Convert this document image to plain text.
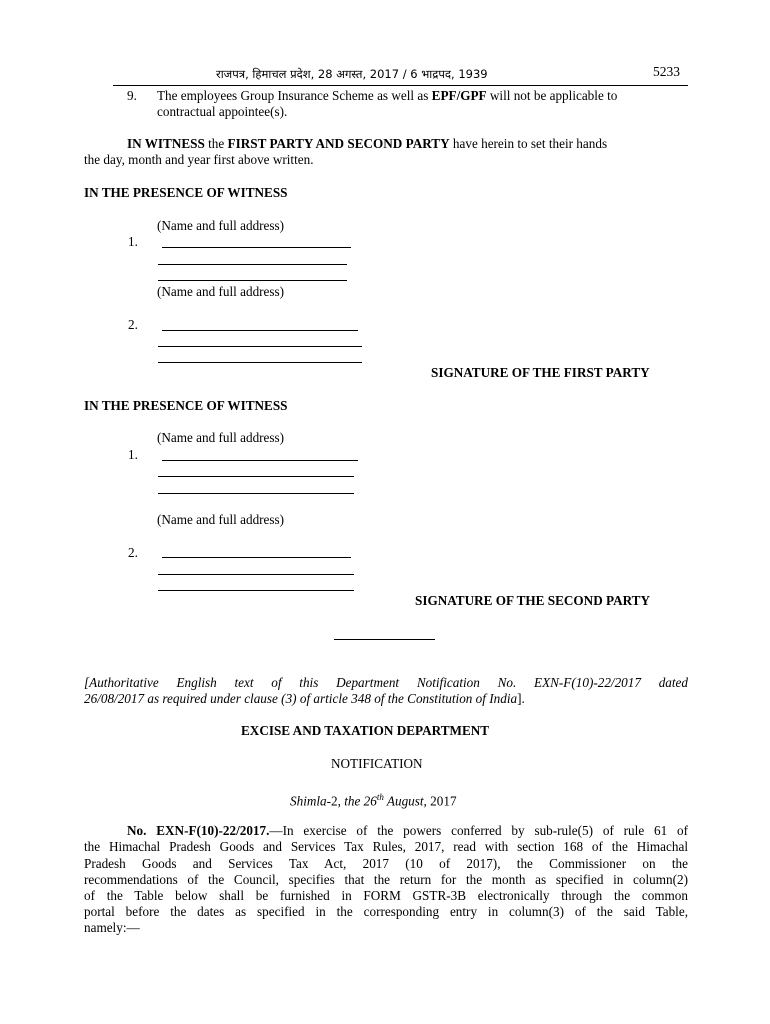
राजपत्र, हिमाचल प्रदेश, 28 अगस्त, 2017 / 6 भाद्रपद, 1939	5233
9. The employees Group Insurance Scheme as well as EPF/GPF will not be applicable to
contractual appointee(s).
IN WITNESS the FIRST PARTY AND SECOND PARTY have herein to set their hands
the day, month and year first above written.
IN THE PRESENCE OF WITNESS
(Name and full address)
1.
(Name and full address)
2.
SIGNATURE OF THE FIRST PARTY
IN THE PRESENCE OF WITNESS
(Name and full address)
1.
(Name and full address)
2.
SIGNATURE OF THE SECOND PARTY
[Authoritative English text of this Department Notification No. EXN-F(10)-22/2017 dated
26/08/2017 as required under clause (3) of article 348 of the Constitution of India].
EXCISE AND TAXATION DEPARTMENT
NOTIFICATION
Shimla-2, the 26th August, 2017
No. EXN-F(10)-22/2017.—In exercise of the powers conferred by sub-rule(5) of rule 61 of
the Himachal Pradesh Goods and Services Tax Rules, 2017, read with section 168 of the Himachal
Pradesh Goods and Services Tax Act, 2017 (10 of 2017), the Commissioner on the
recommendations of the Council, specifies that the return for the month as specified in column(2)
of the Table below shall be furnished in FORM GSTR-3B electronically through the common
portal before the dates as specified in the corresponding entry in column(3) of the said Table,
namely:—
